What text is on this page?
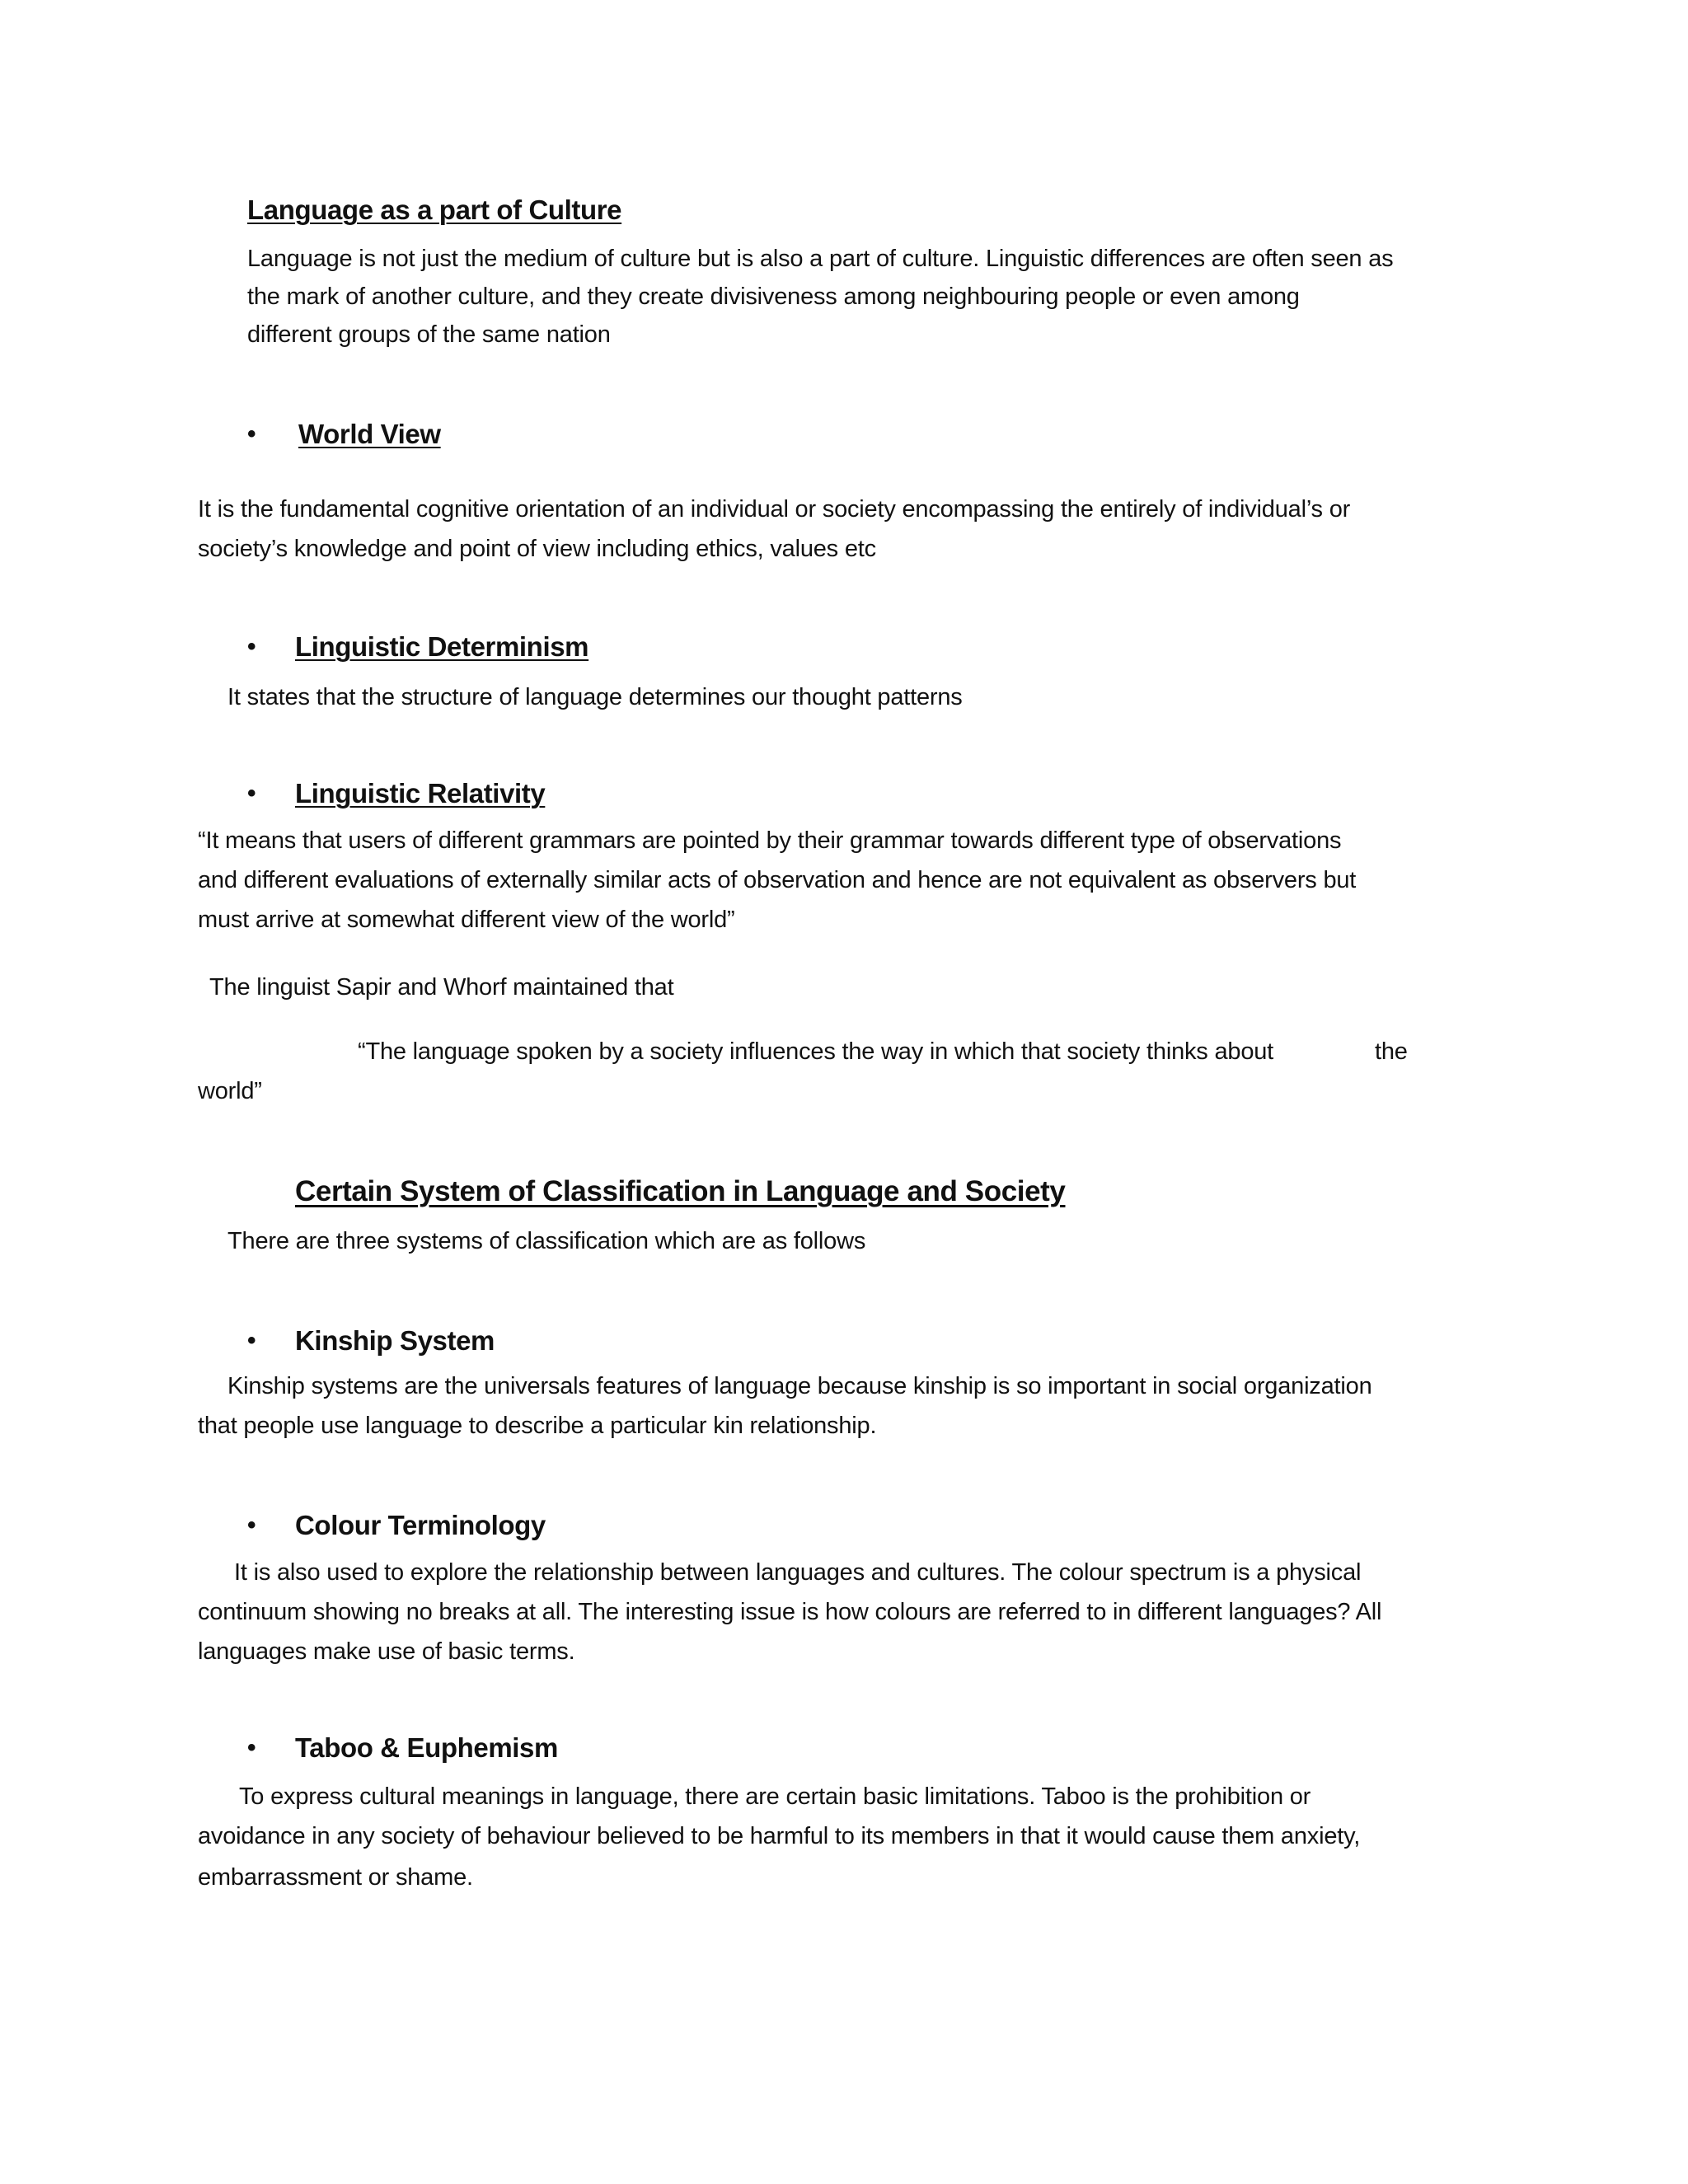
Language as a part of Culture
Language is not just the medium of culture but is also a part of culture. Linguistic differences are often seen as
the mark of another culture, and they create divisiveness among neighbouring people or even among
different groups of the same nation
• World View
It is the fundamental cognitive orientation of an individual or society encompassing the entirely of individual’s or
society’s knowledge and point of view including ethics, values etc
• Linguistic Determinism
It states that the structure of language determines our thought patterns
• Linguistic Relativity
“It means that users of different grammars are pointed by their grammar towards different type of observations
and different evaluations of externally similar acts of observation and hence are not equivalent as observers but
must arrive at somewhat different view of the world”
The linguist Sapir and Whorf maintained that
“The language spoken by a society influences the way in which that society thinks about	the
world”
Certain System of Classification in Language and Society
There are three systems of classification which are as follows
• Kinship System
Kinship systems are the universals features of language because kinship is so important in social organization
that people use language to describe a particular kin relationship.
• Colour Terminology
It is also used to explore the relationship between languages and cultures. The colour spectrum is a physical
continuum showing no breaks at all. The interesting issue is how colours are referred to in different languages? All
languages make use of basic terms.
• Taboo & Euphemism
To express cultural meanings in language, there are certain basic limitations. Taboo is the prohibition or
avoidance in any society of behaviour believed to be harmful to its members in that it would cause them anxiety,
embarrassment or shame.
